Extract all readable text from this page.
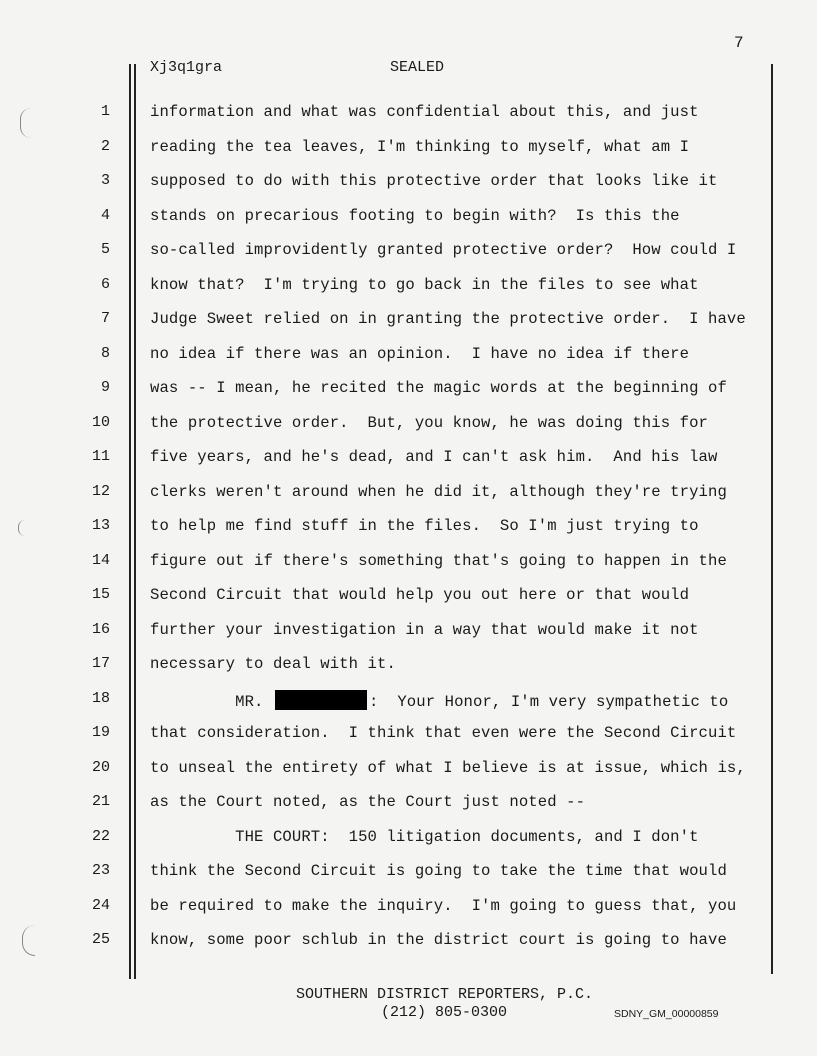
7
Xj3q1gra	SEALED
1	information and what was confidential about this, and just
2	reading the tea leaves, I'm thinking to myself, what am I
3	supposed to do with this protective order that looks like it
4	stands on precarious footing to begin with?  Is this the
5	so-called improvidently granted protective order?  How could I
6	know that?  I'm trying to go back in the files to see what
7	Judge Sweet relied on in granting the protective order.  I have
8	no idea if there was an opinion.  I have no idea if there
9	was -- I mean, he recited the magic words at the beginning of
10	the protective order.  But, you know, he was doing this for
11	five years, and he's dead, and I can't ask him.  And his law
12	clerks weren't around when he did it, although they're trying
13	to help me find stuff in the files.  So I'm just trying to
14	figure out if there's something that's going to happen in the
15	Second Circuit that would help you out here or that would
16	further your investigation in a way that would make it not
17	necessary to deal with it.
18	MR.	:  Your Honor, I'm very sympathetic to
19	that consideration.  I think that even were the Second Circuit
20	to unseal the entirety of what I believe is at issue, which is,
21	as the Court noted, as the Court just noted --
22	THE COURT:  150 litigation documents, and I don't
23	think the Second Circuit is going to take the time that would
24	be required to make the inquiry.  I'm going to guess that, you
25	know, some poor schlub in the district court is going to have
SOUTHERN DISTRICT REPORTERS, P.C.
(212) 805-0300	SDNY_GM_00000859
